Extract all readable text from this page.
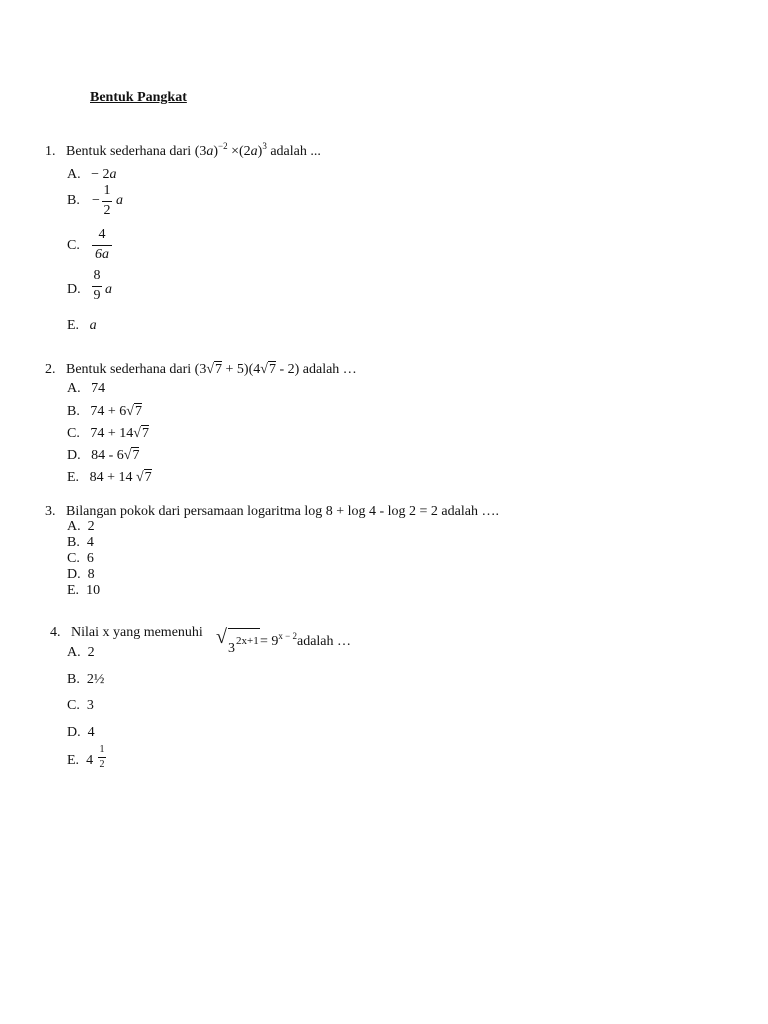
Bentuk Pangkat
1. Bentuk sederhana dari $(3a)^{-2} \times(2a)^3$ adalah ...
A. − 2a
B. −
1
2
a
C.
4
6a
D.
8
9 a
E. a
2. Bentuk sederhana dari (3√7 + 5)(4√7 - 2) adalah …
A. 74
B. 74 + 6√7
C. 74 + 14√7
D. 84 - 6√7
E. 84 + 14 √7
3. Bilangan pokok dari persamaan logaritma log 8 + log 4 - log 2 = 2 adalah ….
A. 2
B. 4
C. 6
D. 8
E. 10
4. Nilai x yang memenuhi √
3 $2x+1 = 9^{x - 2}adalah$ …
A. 2
B. 2½
C. 3
D. 4
E. 4
1
2
